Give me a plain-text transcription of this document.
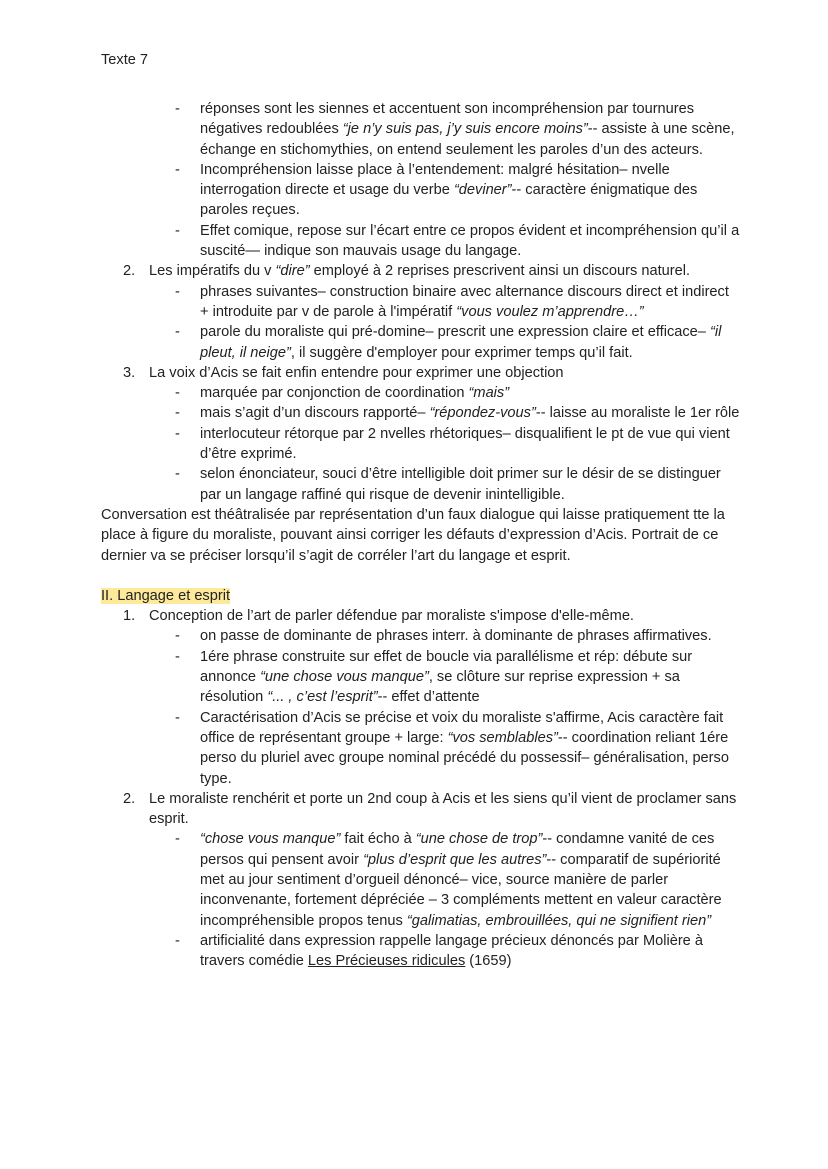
Texte 7
- réponses sont les siennes et accentuent son incompréhension par tournures négatives redoublées “je n’y suis pas, j’y suis encore moins”-- assiste à une scène, échange en stichomythies, on entend seulement les paroles d’un des acteurs.
- Incompréhension laisse place à l’entendement: malgré hésitation– nvelle interrogation directe et usage du verbe “deviner”-- caractère énigmatique des paroles reçues.
- Effet comique, repose sur l’écart entre ce propos évident et incompréhension qu’il a suscité— indique son mauvais usage du langage.
2. Les impératifs du v “dire” employé à 2 reprises prescrivent ainsi un discours naturel.
- phrases suivantes– construction binaire avec alternance discours direct et indirect + introduite par v de parole à l'impératif “vous voulez m’apprendre…”
- parole du moraliste qui pré-domine– prescrit une expression claire et efficace– “il pleut, il neige”, il suggère d'employer pour exprimer temps qu’il fait.
3. La voix d’Acis se fait enfin entendre pour exprimer une objection
- marquée par conjonction de coordination “mais”
- mais s’agit d’un discours rapporté– “répondez-vous”-- laisse au moraliste le 1er rôle
- interlocuteur rétorque par 2 nvelles rhétoriques– disqualifient le pt de vue qui vient d’être exprimé.
- selon énonciateur, souci d’être intelligible doit primer sur le désir de se distinguer par un langage raffiné qui risque de devenir inintelligible.

Conversation est théâtralisée par représentation d’un faux dialogue qui laisse pratiquement tte la place à figure du moraliste, pouvant ainsi corriger les défauts d’expression d’Acis. Portrait de ce dernier va se préciser lorsqu’il s’agit de corréler l’art du langage et esprit.

II. Langage et esprit
1. Conception de l’art de parler défendue par moraliste s'impose d'elle-même.
- on passe de dominante de phrases interr. à dominante de phrases affirmatives.
- 1ére phrase construite sur effet de boucle via parallélisme et rép: débute sur annonce “une chose vous manque”, se clôture sur reprise expression + sa résolution “... , c’est l’esprit”-- effet d’attente
- Caractérisation d’Acis se précise et voix du moraliste s'affirme, Acis caractère fait office de représentant groupe + large: “vos semblables”-- coordination reliant 1ére perso du pluriel avec groupe nominal précédé du possessif– généralisation, perso type.
2. Le moraliste renchérit et porte un 2nd coup à Acis et les siens qu’il vient de proclamer sans esprit.
- “chose vous manque” fait écho à “une chose de trop”-- condamne vanité de ces persos qui pensent avoir “plus d’esprit que les autres”-- comparatif de supériorité met au jour sentiment d’orgueil dénoncé– vice, source manière de parler inconvenante, fortement dépréciée – 3 compléments mettent en valeur caractère incompréhensible propos tenus “galimatias, embrouillées, qui ne signifient rien”
- artificialité dans expression rappelle langage précieux dénoncés par Molière à travers comédie Les Précieuses ridicules (1659)
